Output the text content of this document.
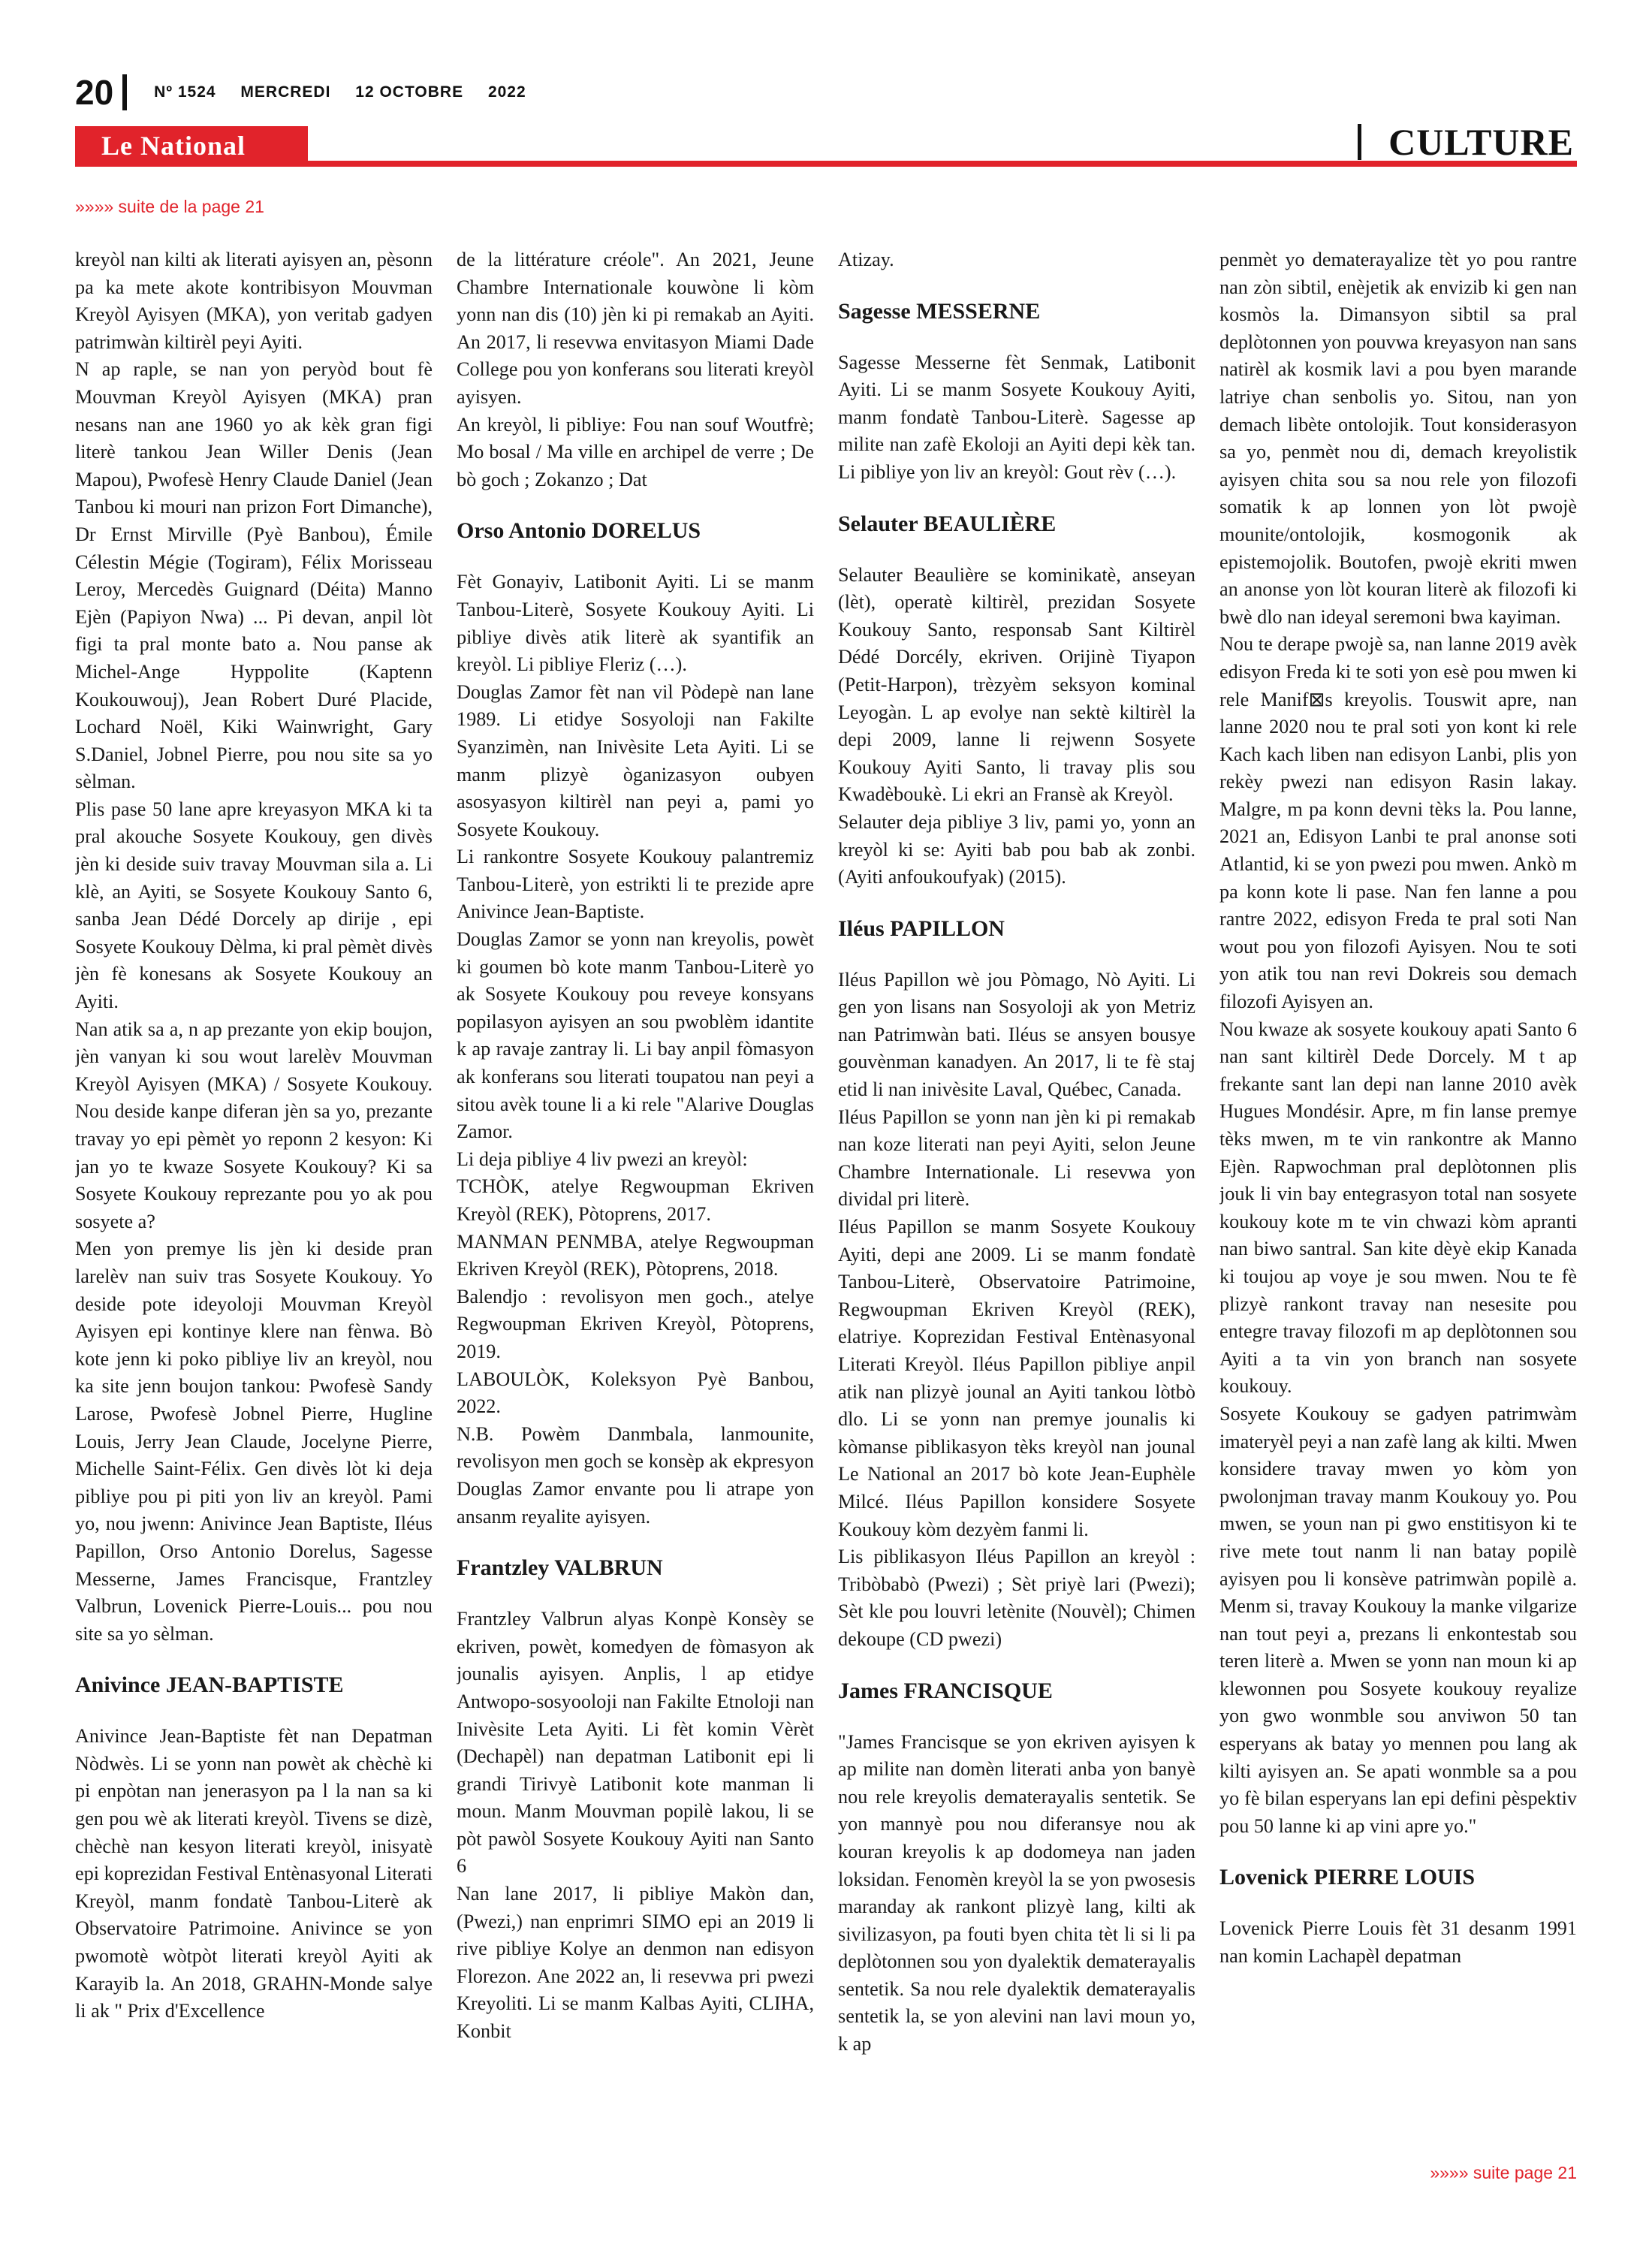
20	Nº 1524 MERCREDI 12 OCTOBRE 2022
Le National	CULTURE
»»»» suite de la page 21

kreyòl nan kilti ak literati ayisyen an, pèsonn pa ka mete akote kontribisyon Mouvman Kreyòl Ayisyen (MKA), yon veritab gadyen patrimwàn kiltirèl peyi Ayiti.
N ap raple, se nan yon peryòd bout fè Mouvman Kreyòl Ayisyen (MKA) pran nesans nan ane 1960 yo ak kèk gran figi literè tankou Jean Willer Denis (Jean Mapou), Pwofesè Henry Claude Daniel (Jean Tanbou ki mouri nan prizon Fort Dimanche), Dr Ernst Mirville (Pyè Banbou), Émile Célestin Mégie (Togiram), Félix Morisseau Leroy, Mercedès Guignard (Déita) Manno Ejèn (Papiyon Nwa) ... Pi devan, anpil lòt figi ta pral monte bato a. Nou panse ak Michel-Ange Hyppolite (Kaptenn Koukouwouj), Jean Robert Duré Placide, Lochard Noël, Kiki Wainwright, Gary S.Daniel, Jobnel Pierre, pou nou site sa yo sèlman.
Plis pase 50 lane apre kreyasyon MKA ki ta pral akouche Sosyete Koukouy, gen divès jèn ki deside suiv travay Mouvman sila a. Li klè, an Ayiti, se Sosyete Koukouy Santo 6, sanba Jean Dédé Dorcely ap dirije , epi Sosyete Koukouy Dèlma, ki pral pèmèt divès jèn fè konesans ak Sosyete Koukouy an Ayiti.
Nan atik sa a, n ap prezante yon ekip boujon, jèn vanyan ki sou wout larelèv Mouvman Kreyòl Ayisyen (MKA) / Sosyete Koukouy. Nou deside kanpe diferan jèn sa yo, prezante travay yo epi pèmèt yo reponn 2 kesyon: Ki jan yo te kwaze Sosyete Koukouy? Ki sa Sosyete Koukouy reprezante pou yo ak pou sosyete a?
Men yon premye lis jèn ki deside pran larelèv nan suiv tras Sosyete Koukouy. Yo deside pote ideyoloji Mouvman Kreyòl Ayisyen epi kontinye klere nan fènwa. Bò kote jenn ki poko pibliye liv an kreyòl, nou ka site jenn boujon tankou: Pwofesè Sandy Larose, Pwofesè Jobnel Pierre, Hugline Louis, Jerry Jean Claude, Jocelyne Pierre, Michelle Saint-Félix. Gen divès lòt ki deja pibliye pou pi piti yon liv an kreyòl. Pami yo, nou jwenn: Anivince Jean Baptiste, Iléus Papillon, Orso Antonio Dorelus, Sagesse Messerne, James Francisque, Frantzley Valbrun, Lovenick Pierre-Louis... pou nou site sa yo sèlman.

Anivince JEAN-BAPTISTE

Anivince Jean-Baptiste fèt nan Depatman Nòdwès. Li se yonn nan powèt ak chèchè ki pi enpòtan nan jenerasyon pa l la nan sa ki gen pou wè ak literati kreyòl. Tivens se dizè, chèchè nan kesyon literati kreyòl, inisyatè epi koprezidan Festival Entènasyonal Literati Kreyòl, manm fondatè Tanbou-Literè ak Observatoire Patrimoine. Anivince se yon pwomotè wòtpòt literati kreyòl Ayiti ak Karayib la. An 2018, GRAHN-Monde salye li ak " Prix d'Excellence

de la littérature créole". An 2021, Jeune Chambre Internationale kouwòne li kòm yonn nan dis (10) jèn ki pi remakab an Ayiti. An 2017, li resevwa envitasyon Miami Dade College pou yon konferans sou literati kreyòl ayisyen.
An kreyòl, li pibliye: Fou nan souf Woutfrè; Mo bosal / Ma ville en archipel de verre ; De bò goch ; Zokanzo ; Dat

Orso Antonio DORELUS

Fèt Gonayiv, Latibonit Ayiti. Li se manm Tanbou-Literè, Sosyete Koukouy Ayiti. Li pibliye divès atik literè ak syantifik an kreyòl. Li pibliye Fleriz (…).
Douglas Zamor fèt nan vil Pòdepè nan lane 1989. Li etidye Sosyoloji nan Fakilte Syanzimèn, nan Inivèsite Leta Ayiti. Li se manm plizyè òganizasyon oubyen asosyasyon kiltirèl nan peyi a, pami yo Sosyete Koukouy.
Li rankontre Sosyete Koukouy palantremiz Tanbou-Literè, yon estrikti li te prezide apre Anivince Jean-Baptiste.
Douglas Zamor se yonn nan kreyolis, powèt ki goumen bò kote manm Tanbou-Literè yo ak Sosyete Koukouy pou reveye konsyans popilasyon ayisyen an sou pwoblèm idantite k ap ravaje zantray li. Li bay anpil fòmasyon ak konferans sou literati toupatou nan peyi a sitou avèk toune li a ki rele "Alarive Douglas Zamor.
Li deja pibliye 4 liv pwezi an kreyòl:
TCHÒK, atelye Regwoupman Ekriven Kreyòl (REK), Pòtoprens, 2017.
MANMAN PENMBA, atelye Regwoupman Ekriven Kreyòl (REK), Pòtoprens, 2018.
Balendjo : revolisyon men goch., atelye Regwoupman Ekriven Kreyòl, Pòtoprens, 2019.
LABOULÒK, Koleksyon Pyè Banbou, 2022.
N.B. Powèm Danmbala, lanmounite, revolisyon men goch se konsèp ak ekpresyon Douglas Zamor envante pou li atrape yon ansanm reyalite ayisyen.

Frantzley VALBRUN

Frantzley Valbrun alyas Konpè Konsèy se ekriven, powèt, komedyen de fòmasyon ak jounalis ayisyen. Anplis, l ap etidye Antwopo-sosyooloji nan Fakilte Etnoloji nan Inivèsite Leta Ayiti. Li fèt komin Vèrèt (Dechapèl) nan depatman Latibonit epi li grandi Tirivyè Latibonit kote manman li moun. Manm Mouvman popilè lakou, li se pòt pawòl Sosyete Koukouy Ayiti nan Santo 6
Nan lane 2017, li pibliye Makòn dan, (Pwezi,) nan enprimri SIMO epi an 2019 li rive pibliye Kolye an denmon nan edisyon Florezon. Ane 2022 an, li resevwa pri pwezi Kreyoliti. Li se manm Kalbas Ayiti, CLIHA, Konbit

Atizay.

Sagesse MESSERNE

Sagesse Messerne fèt Senmak, Latibonit Ayiti. Li se manm Sosyete Koukouy Ayiti, manm fondatè Tanbou-Literè. Sagesse ap milite nan zafè Ekoloji an Ayiti depi kèk tan. Li pibliye yon liv an kreyòl: Gout rèv (…).

Selauter BEAULIÈRE

Selauter Beaulière se kominikatè, anseyan (lèt), operatè kiltirèl, prezidan Sosyete Koukouy Santo, responsab Sant Kiltirèl Dédé Dorcély, ekriven. Orijinè Tiyapon (Petit-Harpon), trèzyèm seksyon kominal Leyogàn. L ap evolye nan sektè kiltirèl la depi 2009, lanne li rejwenn Sosyete Koukouy Ayiti Santo, li travay plis sou Kwadèboukè. Li ekri an Fransè ak Kreyòl.
Selauter deja pibliye 3 liv, pami yo, yonn an kreyòl ki se: Ayiti bab pou bab ak zonbi. (Ayiti anfoukoufyak) (2015).

Iléus PAPILLON

Iléus Papillon wè jou Pòmago, Nò Ayiti. Li gen yon lisans nan Sosyoloji ak yon Metriz nan Patrimwàn bati. Iléus se ansyen bousye gouvènman kanadyen. An 2017, li te fè staj etid li nan inivèsite Laval, Québec, Canada.
Iléus Papillon se yonn nan jèn ki pi remakab nan koze literati nan peyi Ayiti, selon Jeune Chambre Internationale. Li resevwa yon dividal pri literè.
Iléus Papillon se manm Sosyete Koukouy Ayiti, depi ane 2009. Li se manm fondatè Tanbou-Literè, Observatoire Patrimoine, Regwoupman Ekriven Kreyòl (REK), elatriye. Koprezidan Festival Entènasyonal Literati Kreyòl. Iléus Papillon pibliye anpil atik nan plizyè jounal an Ayiti tankou lòtbò dlo. Li se yonn nan premye jounalis ki kòmanse piblikasyon tèks kreyòl nan jounal Le National an 2017 bò kote Jean-Euphèle Milcé. Iléus Papillon konsidere Sosyete Koukouy kòm dezyèm fanmi li.
Lis piblikasyon Iléus Papillon an kreyòl : Tribòbabò (Pwezi) ; Sèt priyè lari (Pwezi); Sèt kle pou louvri letènite (Nouvèl); Chimen dekoupe (CD pwezi)

James FRANCISQUE

"James Francisque se yon ekriven ayisyen k ap milite nan domèn literati anba yon banyè nou rele kreyolis dematerayalis sentetik. Se yon mannyè pou nou diferansye nou ak kouran kreyolis k ap dodomeya nan jaden loksidan. Fenomèn kreyòl la se yon pwosesis maranday ak rankont plizyè lang, kilti ak sivilizasyon, pa fouti byen chita tèt li si li pa deplòtonnen sou yon dyalektik dematerayalis sentetik. Sa nou rele dyalektik dematerayalis sentetik la, se yon alevini nan lavi moun yo, k ap

penmèt yo dematerayalize tèt yo pou rantre nan zòn sibtil, enèjetik ak envizib ki gen nan kosmòs la. Dimansyon sibtil sa pral deplòtonnen yon pouvwa kreyasyon nan sans natirèl ak kosmik lavi a pou byen marande latriye chan senbolis yo. Sitou, nan yon demach libète ontolojik. Tout konsiderasyon sa yo, penmèt nou di, demach kreyolistik ayisyen chita sou sa nou rele yon filozofi somatik k ap lonnen yon lòt pwojè mounite/ontolojik, kosmogonik ak epistemojolik. Boutofen, pwojè ekriti mwen an anonse yon lòt kouran literè ak filozofi ki bwè dlo nan ideyal seremoni bwa kayiman.
Nou te derape pwojè sa, nan lanne 2019 avèk edisyon Freda ki te soti yon esè pou mwen ki rele Manif⊠s kreyolis. Touswit apre, nan lanne 2020 nou te pral soti yon kont ki rele Kach kach liben nan edisyon Lanbi, plis yon rekèy pwezi nan edisyon Rasin lakay. Malgre, m pa konn devni tèks la. Pou lanne, 2021 an, Edisyon Lanbi te pral anonse soti Atlantid, ki se yon pwezi pou mwen. Ankò m pa konn kote li pase. Nan fen lanne a pou rantre 2022, edisyon Freda te pral soti Nan wout pou yon filozofi Ayisyen. Nou te soti yon atik tou nan revi Dokreis sou demach filozofi Ayisyen an.
Nou kwaze ak sosyete koukouy apati Santo 6 nan sant kiltirèl Dede Dorcely. M t ap frekante sant lan depi nan lanne 2010 avèk Hugues Mondésir. Apre, m fin lanse premye tèks mwen, m te vin rankontre ak Manno Ejèn. Rapwochman pral deplòtonnen plis jouk li vin bay entegrasyon total nan sosyete koukouy kote m te vin chwazi kòm apranti nan biwo santral. San kite dèyè ekip Kanada ki toujou ap voye je sou mwen. Nou te fè plizyè rankont travay nan nesesite pou entegre travay filozofi m ap deplòtonnen sou Ayiti a ta vin yon branch nan sosyete koukouy.
Sosyete Koukouy se gadyen patrimwàm imateryèl peyi a nan zafè lang ak kilti. Mwen konsidere travay mwen yo kòm yon pwolonjman travay manm Koukouy yo. Pou mwen, se youn nan pi gwo enstitisyon ki te rive mete tout nanm li nan batay popilè ayisyen pou li konsève patrimwàn popilè a. Menm si, travay Koukouy la manke vilgarize nan tout peyi a, prezans li enkontestab sou teren literè a. Mwen se yonn nan moun ki ap klewonnen pou Sosyete koukouy reyalize yon gwo wonmble sou anviwon 50 tan esperyans ak batay yo mennen pou lang ak kilti ayisyen an. Se apati wonmble sa a pou yo fè bilan esperyans lan epi defini pèspektiv pou 50 lanne ki ap vini apre yo."

Lovenick PIERRE LOUIS

Lovenick Pierre Louis fèt 31 desanm 1991 nan komin Lachapèl depatman

»»»» suite page 21
